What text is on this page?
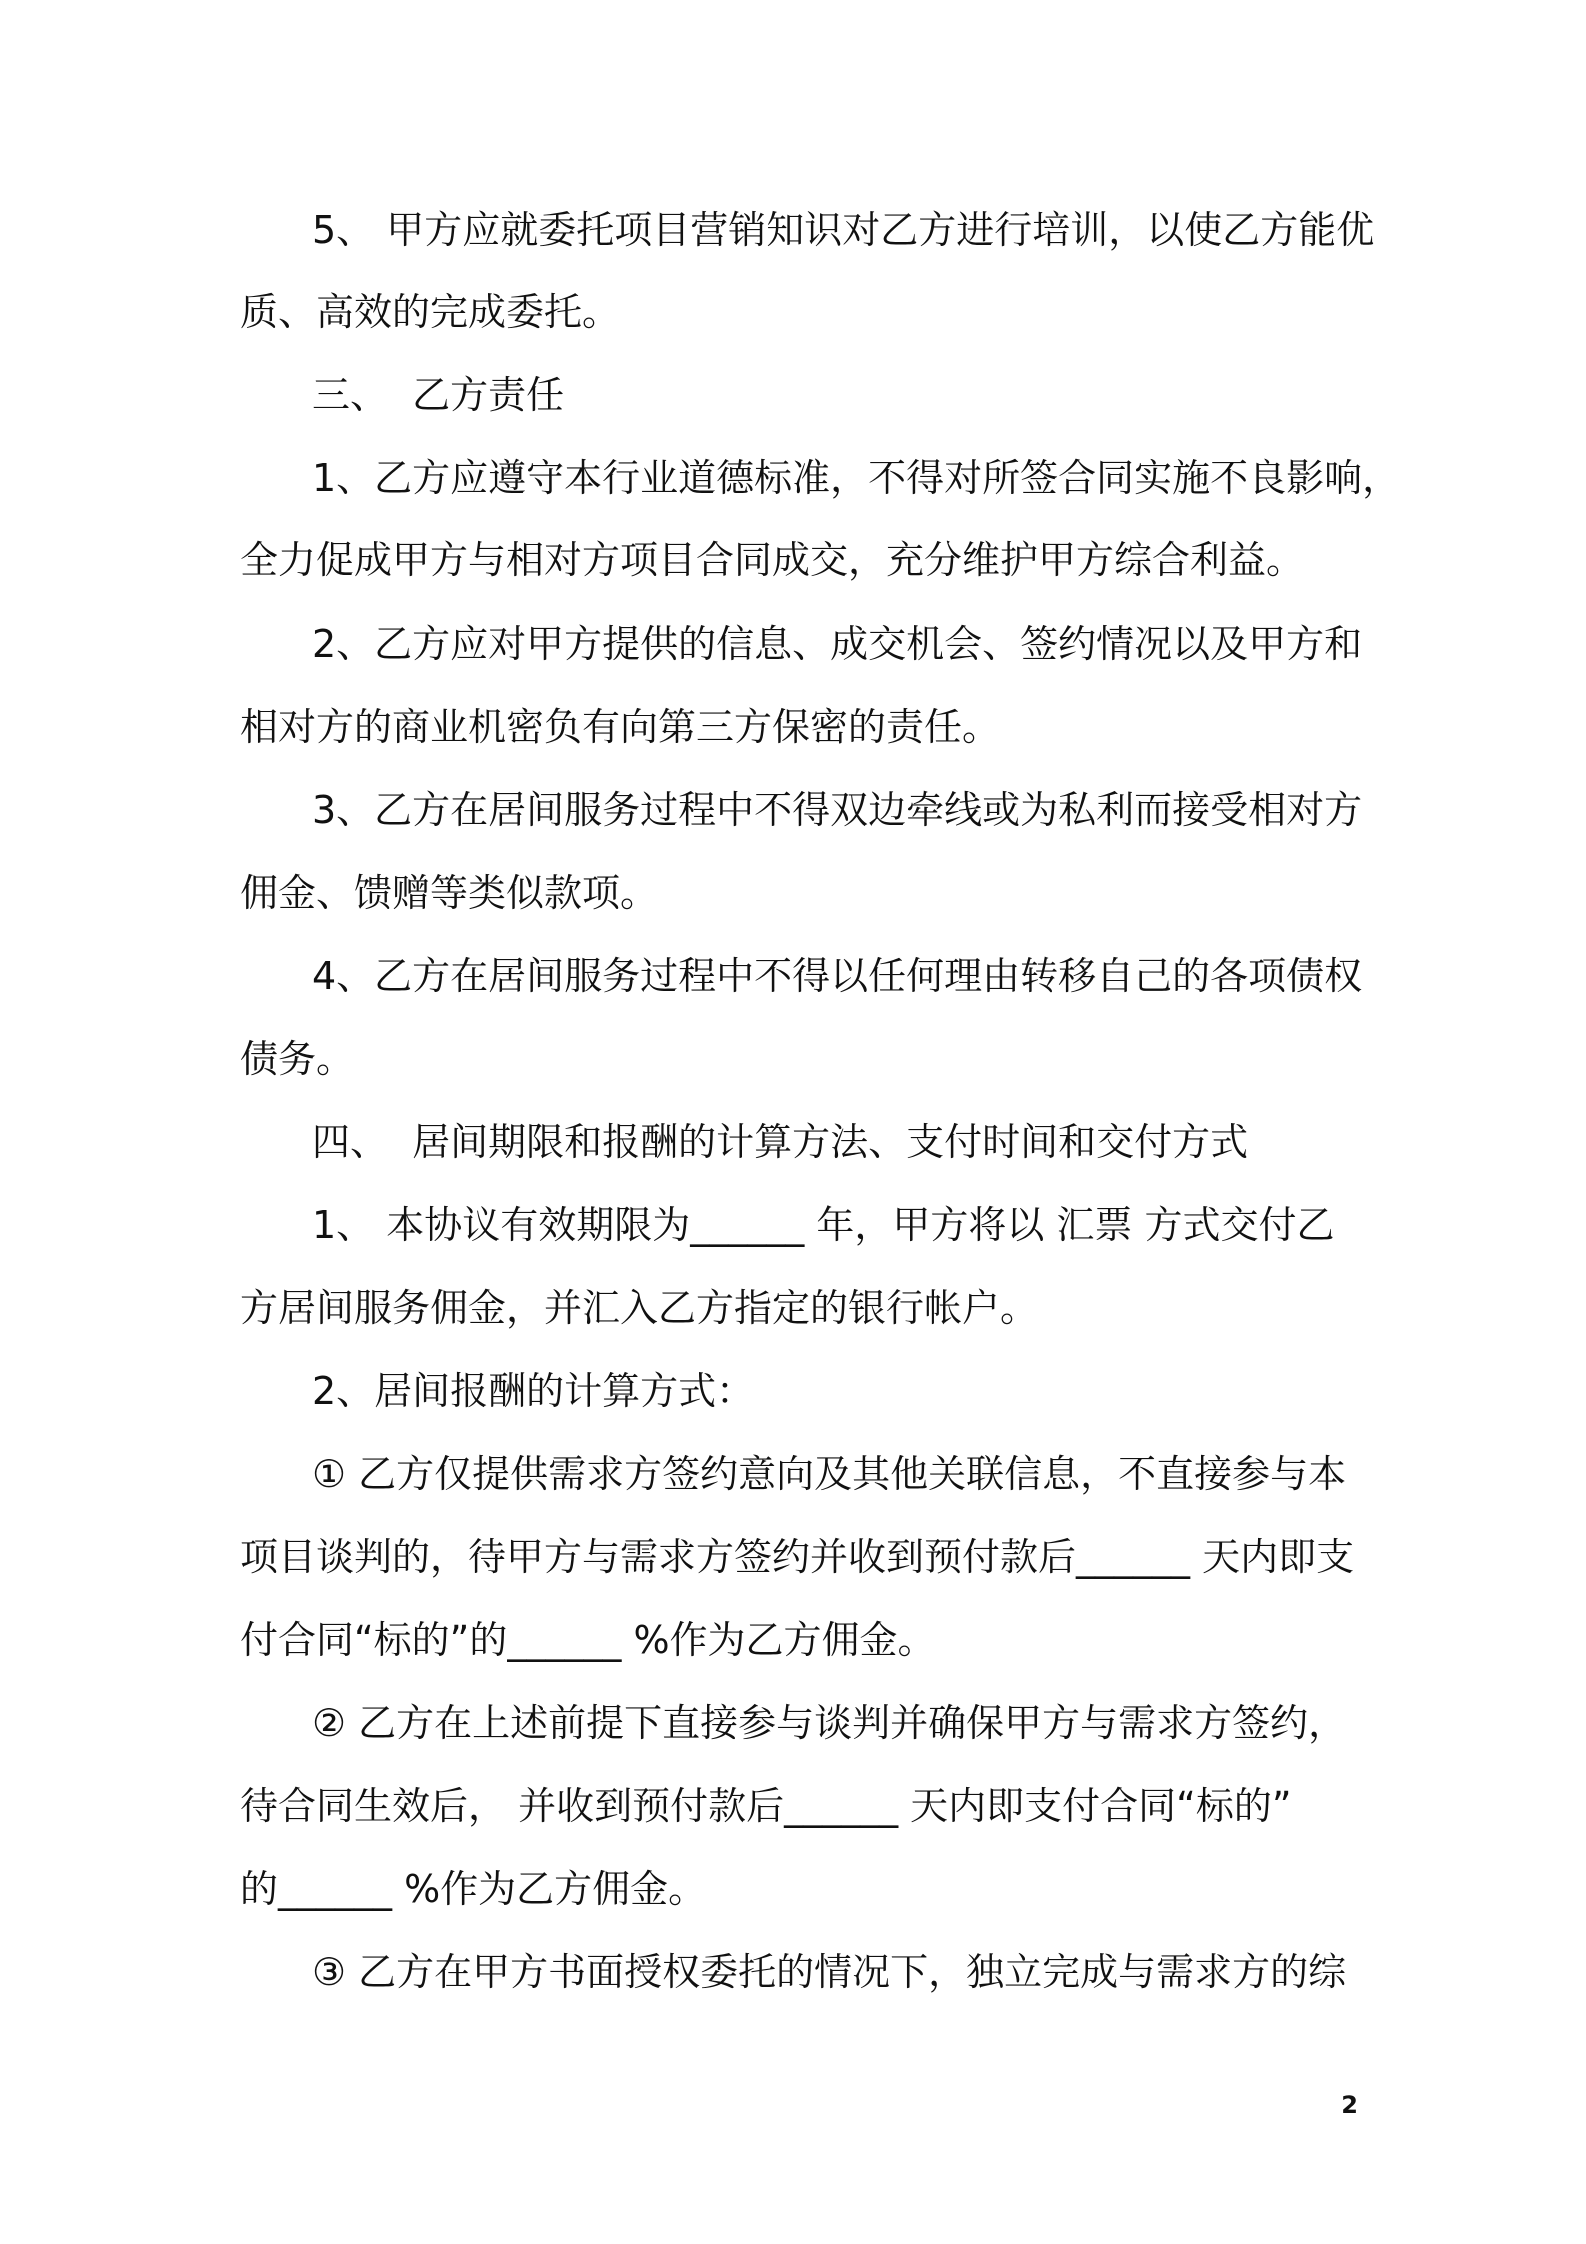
5、 甲方应就委托项目营销知识对乙方进行培训，以使乙方能优
质、高效的完成委托。
三、  乙方责任
1、乙方应遵守本行业道德标准，不得对所签合同实施不良影响，
全力促成甲方与相对方项目合同成交，充分维护甲方综合利益。
2、乙方应对甲方提供的信息、成交机会、签约情况以及甲方和
相对方的商业机密负有向第三方保密的责任。
3、乙方在居间服务过程中不得双边牵线或为私利而接受相对方
佣金、馈赠等类似款项。
4、乙方在居间服务过程中不得以任何理由转移自己的各项债权
债务。
四、  居间期限和报酬的计算方法、支付时间和交付方式
1、 本协议有效期限为______ 年，甲方将以 汇票 方式交付乙
方居间服务佣金，并汇入乙方指定的银行帐户。
2、居间报酬的计算方式：
① 乙方仅提供需求方签约意向及其他关联信息，不直接参与本
项目谈判的，待甲方与需求方签约并收到预付款后______ 天内即支
付合同“标的”的______ %作为乙方佣金。
② 乙方在上述前提下直接参与谈判并确保甲方与需求方签约，
待合同生效后， 并收到预付款后______ 天内即支付合同“标的”
的______ %作为乙方佣金。
③ 乙方在甲方书面授权委托的情况下，独立完成与需求方的综
2
